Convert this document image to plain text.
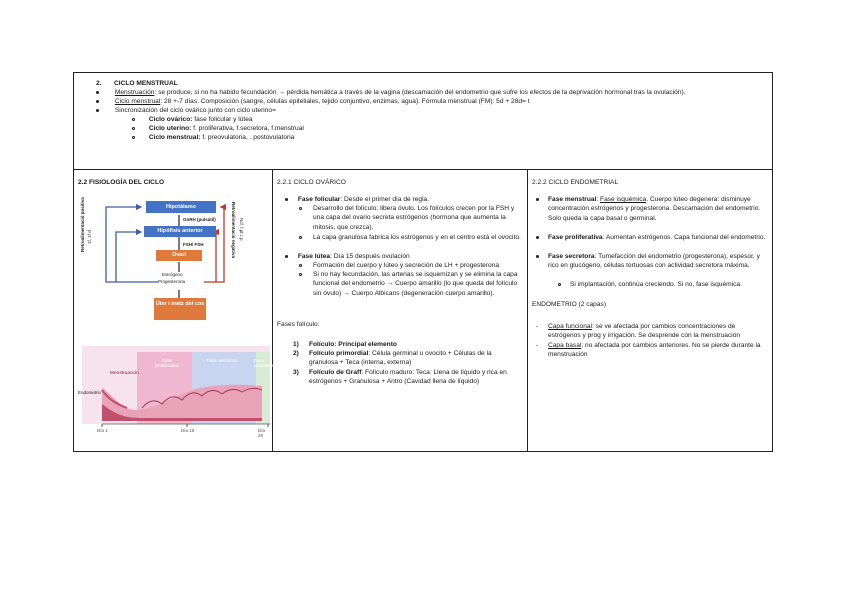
2. CICLO MENSTRUAL
Menstruación: se produce, si no ha habido fecundación → pérdida hemática a través de la vagina (descamación del endometrio que sufre los efectos de la deprivación hormonal tras la ovulación).
Ciclo menstrual: 28 +-7 días. Composición (sangre, células epiteliales, tejido conjuntivo, enzimas, agua). Fórmula menstrual (FM): 5d + 28d= t
Sincronización del ciclo ovárico junto con ciclo uterino=
Ciclo ovárico: fase folicular y lútea
Ciclo uterino: f. proliferativa, f.secretora, f.menstrual
Ciclo menstrual: f. preovulatoria, . postovulatoria
2.2 FISIOLOGÍA DEL CICLO
Hipotálamo
GnRH (pulsátil)
Hipófisis anterior
FSH/ FSH
Ovari
Estrógeno
Progesterona
Úter i matz del cos
Retroalimentació positiva 1f, 1f d	Retroalimentació negativa Ncf, f.pl.c p
Menstruación
Fase proliferativa
Fase secretora	Fase isquémica
Endometrio
Día 1	Día 15	Día 28
2.2.1 CICLO OVÁRICO
Fase folicular: Desde el primer día de regla.
Desarrollo del folículo: libera óvulo. Los folículos crecen por la FSH y una capa del ovario secreta estrógenos (hormona que aumenta la mitosis, que crezca).
La capa granulosa fabrica los estrógenos y en el centro está el ovocito.
Fase lútea: Día 15 después ovulación
Formación del cuerpo y lúteo y secreción de LH + progesterona
Si no hay fecundación, las arterias se isquemizan y se elimina la capa funcional del endometrio → Cuerpo amarillo (lo que queda del folículo sin óvulo) → Cuerpo Albicans (degeneración cuerpo amarillo).
Fases folículo:
1) Folículo: Principal elemento
2) Folículo primordial: Célula germinal u ovocito + Células de la granulosa + Teca (interna, externa)
3) Folículo de Graff: Folículo maduro: Teca: Llena de líquido y rica en estrógenos + Granulosa + Antro (Cavidad llena de líquido)
2.2.2 CICLO ENDOMETRIAL
Fase menstrual: Fase isquémica. Cuerpo lúteo degenera: disminuye concentración estrógenos y progesterona. Descamación del endometrio. Solo queda la capa basal o germinal.
Fase proliferativa: Aumentan estrógenos. Capa funcional del endometrio.
Fase secretora: Tumefacción del endometrio (progesterona), espesor, y rico en glucógeno, células tortuosas con actividad secretora máxima.
Si implantación, continúa creciendo. Si no, fase isquémica.
ENDOMETRIO (2 capas)
- Capa funcional: se ve afectada por cambios concentraciones de estrógenos y prog y irrigación. Se desprende con la menstruación
- Capa basal: no afectada por cambios anteriores. No se pierde durante la menstruación
